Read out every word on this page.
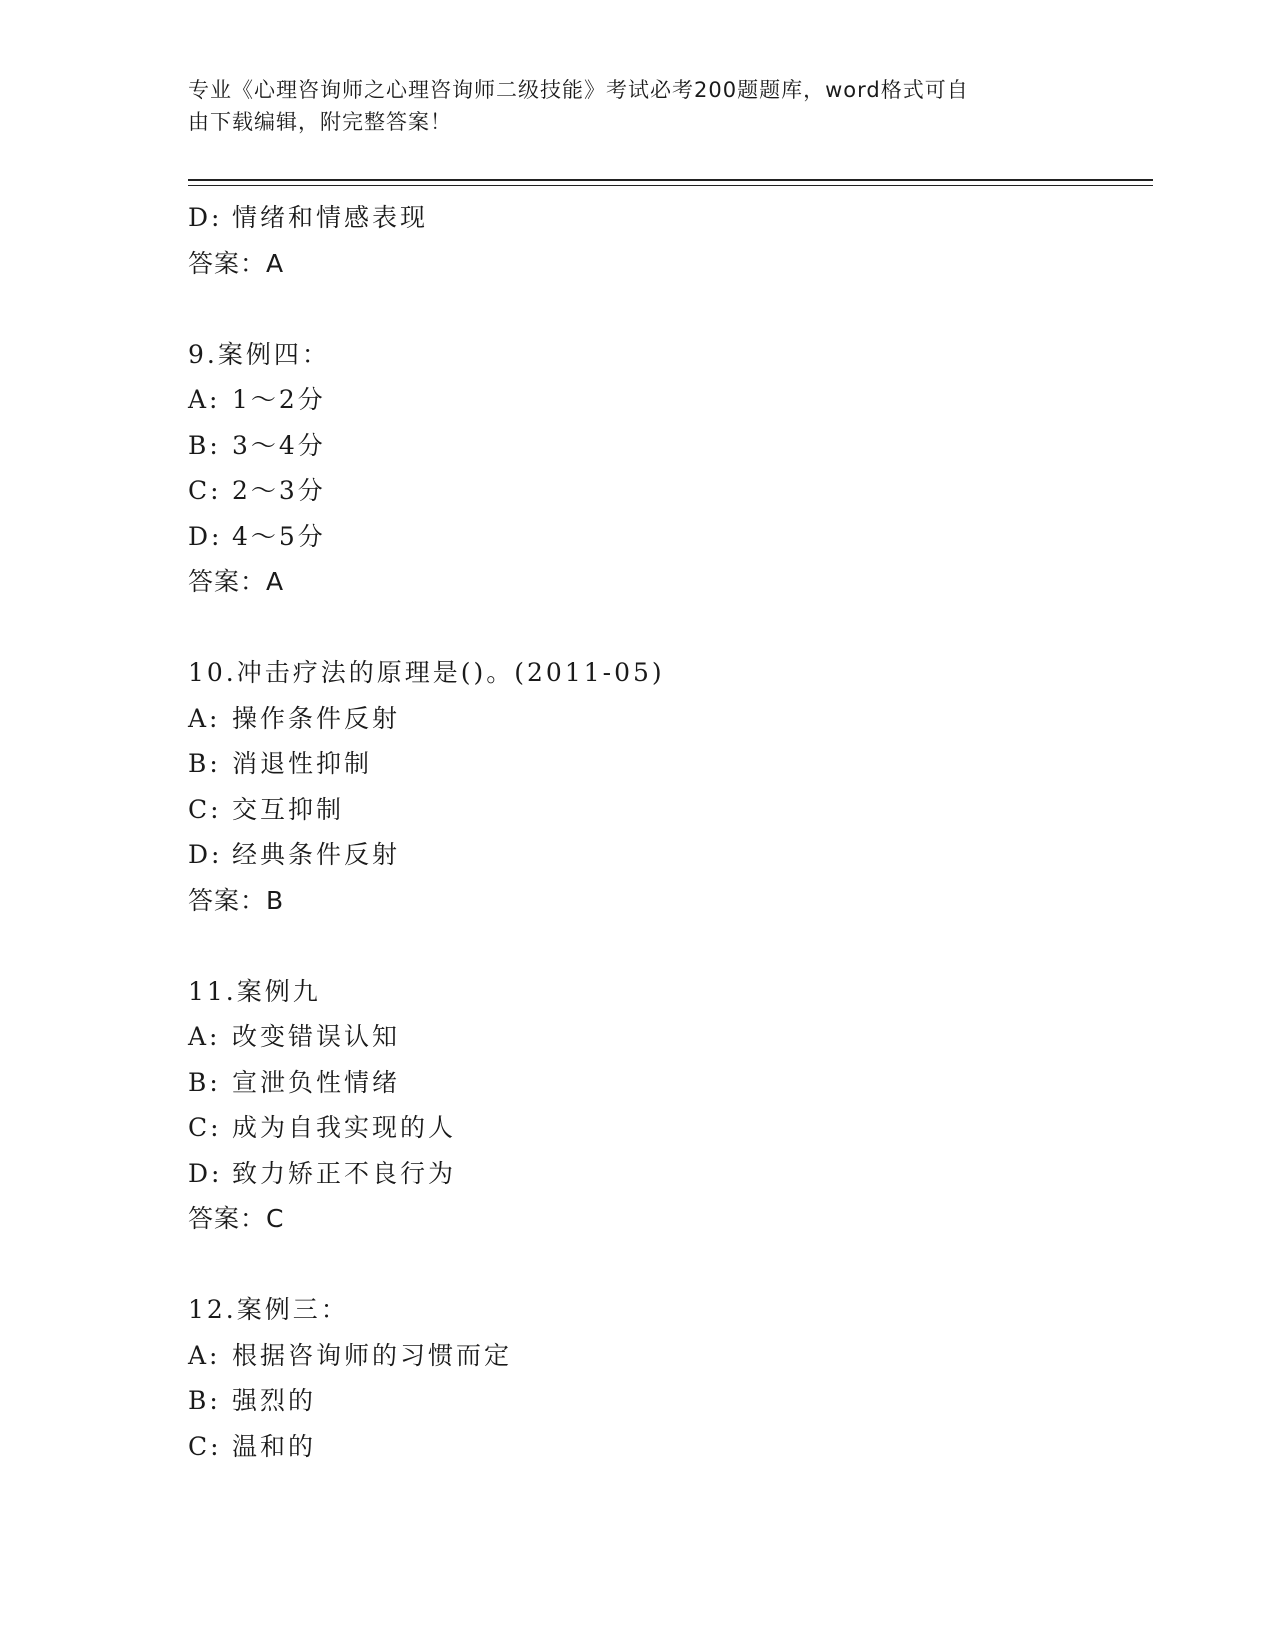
专业《心理咨询师之心理咨询师二级技能》考试必考200题题库，word格式可自
由下载编辑，附完整答案！
D: 情绪和情感表现
答案：A
9.案例四：
A: 1～2分
B: 3～4分
C: 2～3分
D: 4～5分
答案：A
10.冲击疗法的原理是()。(2011-05)
A: 操作条件反射
B: 消退性抑制
C: 交互抑制
D: 经典条件反射
答案：B
11.案例九
A: 改变错误认知
B: 宣泄负性情绪
C: 成为自我实现的人
D: 致力矫正不良行为
答案：C
12.案例三：
A: 根据咨询师的习惯而定
B: 强烈的
C: 温和的
